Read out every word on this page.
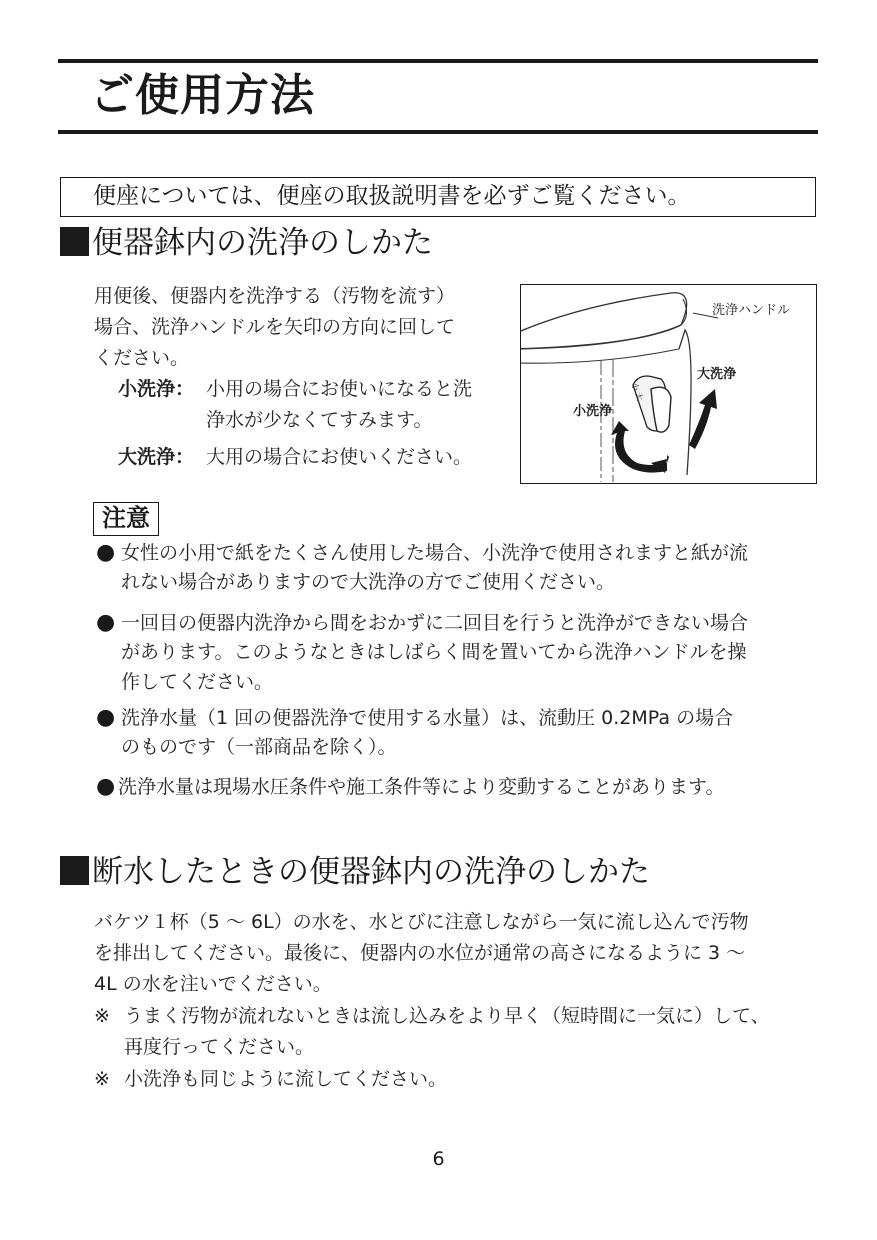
ご使用方法
便座については、便座の取扱説明書を必ずご覧ください。
便器鉢内の洗浄のしかた
用便後、便器内を洗浄する（汚物を流す）
場合、洗浄ハンドルを矢印の方向に回して
ください。
小洗浄： 小用の場合にお使いになると洗
浄水が少なくてすみます。
大洗浄： 大用の場合にお使いください。
洗浄ハンドル
大洗浄
小洗浄
小 大
注意
● 女性の小用で紙をたくさん使用した場合、小洗浄で使用されますと紙が流
れない場合がありますので大洗浄の方でご使用ください。
● 一回目の便器内洗浄から間をおかずに二回目を行うと洗浄ができない場合
があります。このようなときはしばらく間を置いてから洗浄ハンドルを操
作してください。
● 洗浄水量（1 回の便器洗浄で使用する水量）は、流動圧 0.2MPa の場合
のものです（一部商品を除く）。
● 洗浄水量は現場水圧条件や施工条件等により変動することがあります。
断水したときの便器鉢内の洗浄のしかた
バケツ１杯（5 ～ 6L）の水を、水とびに注意しながら一気に流し込んで汚物
を排出してください。最後に、便器内の水位が通常の高さになるように 3 ～
4L の水を注いでください。
※ うまく汚物が流れないときは流し込みをより早く（短時間に一気に）して、
再度行ってください。
※ 小洗浄も同じように流してください。
6
